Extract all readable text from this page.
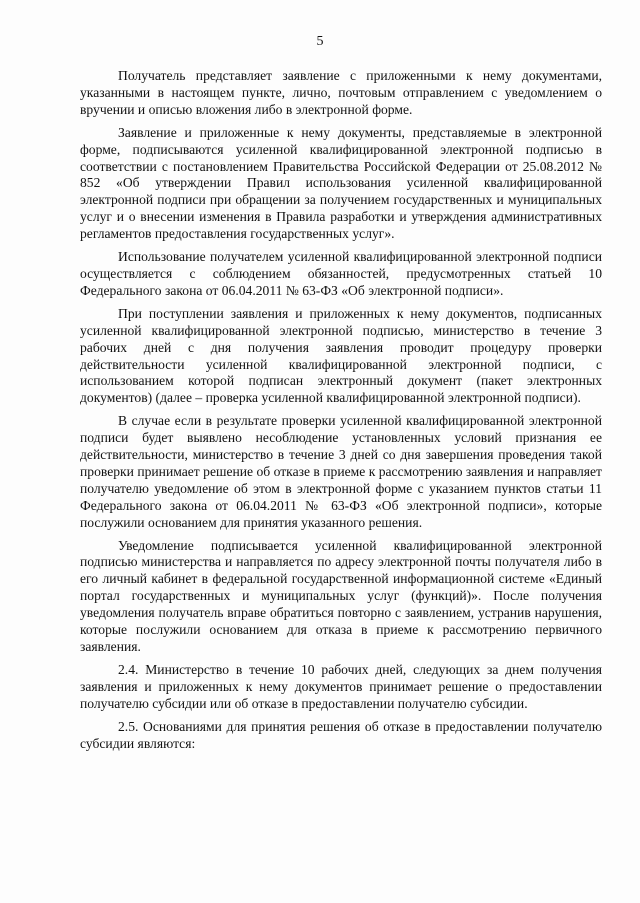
5

Получатель представляет заявление с приложенными к нему документами, указанными в настоящем пункте, лично, почтовым отправлением с уведомлением о вручении и описью вложения либо в электронной форме.

Заявление и приложенные к нему документы, представляемые в электронной форме, подписываются усиленной квалифицированной электронной подписью в соответствии с постановлением Правительства Российской Федерации от 25.08.2012 № 852 «Об утверждении Правил использования усиленной квалифицированной электронной подписи при обращении за получением государственных и муниципальных услуг и о внесении изменения в Правила разработки и утверждения административных регламентов предоставления государственных услуг».

Использование получателем усиленной квалифицированной электронной подписи осуществляется с соблюдением обязанностей, предусмотренных статьей 10 Федерального закона от 06.04.2011 № 63-ФЗ «Об электронной подписи».

При поступлении заявления и приложенных к нему документов, подписанных усиленной квалифицированной электронной подписью, министерство в течение 3 рабочих дней с дня получения заявления проводит процедуру проверки действительности усиленной квалифицированной электронной подписи, с использованием которой подписан электронный документ (пакет электронных документов) (далее – проверка усиленной квалифицированной электронной подписи).

В случае если в результате проверки усиленной квалифицированной электронной подписи будет выявлено несоблюдение установленных условий признания ее действительности, министерство в течение 3 дней со дня завершения проведения такой проверки принимает решение об отказе в приеме к рассмотрению заявления и направляет получателю уведомление об этом в электронной форме с указанием пунктов статьи 11 Федерального закона от 06.04.2011 № 63-ФЗ «Об электронной подписи», которые послужили основанием для принятия указанного решения.

Уведомление подписывается усиленной квалифицированной электронной подписью министерства и направляется по адресу электронной почты получателя либо в его личный кабинет в федеральной государственной информационной системе «Единый портал государственных и муниципальных услуг (функций)». После получения уведомления получатель вправе обратиться повторно с заявлением, устранив нарушения, которые послужили основанием для отказа в приеме к рассмотрению первичного заявления.

2.4. Министерство в течение 10 рабочих дней, следующих за днем получения заявления и приложенных к нему документов принимает решение о предоставлении получателю субсидии или об отказе в предоставлении получателю субсидии.

2.5. Основаниями для принятия решения об отказе в предоставлении получателю субсидии являются:
